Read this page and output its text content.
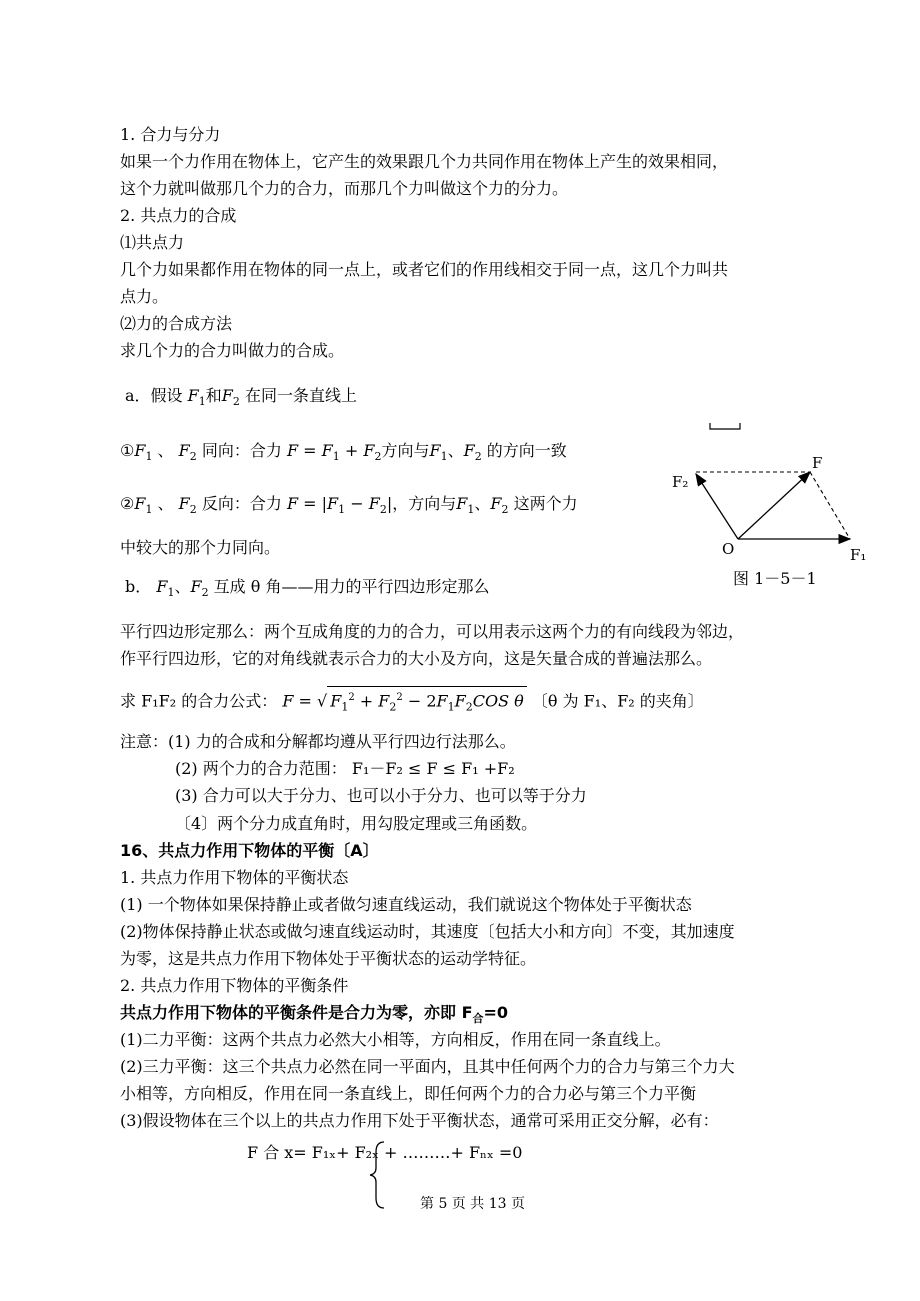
1. 合力与分力
如果一个力作用在物体上，它产生的效果跟几个力共同作用在物体上产生的效果相同，
这个力就叫做那几个力的合力，而那几个力叫做这个力的分力。
2. 共点力的合成
⑴共点力
几个力如果都作用在物体的同一点上，或者它们的作用线相交于同一点，这几个力叫共
点力。
⑵力的合成方法
求几个力的合力叫做力的合成。
a．假设 $F_1$和$F_2$ 在同一条直线上
$①F_1$ 、 $F_2$ 同向：合力 $F = F_1 + F_2$方向与$F_1$、$F_2$ 的方向一致
$②F_1$ 、 $F_2$ 反向：合力 $F = |F_1 - F_2|$，方向与$F_1$、$F_2$ 这两个力
中较大的那个力同向。
b． $F_1$、$F_2$ 互成 θ 角——用力的平行四边形定那么
平行四边形定那么：两个互成角度的力的合力，可以用表示这两个力的有向线段为邻边，
作平行四边形，它的对角线就表示合力的大小及方向，这是矢量合成的普遍法那么。
求 F₁F₂ 的合力公式： F = √ $F_1^2 + F_2^2 - 2F_1F_2COS$ θ 〔θ 为 F₁、F₂ 的夹角〕
注意：(1) 力的合成和分解都均遵从平行四边行法那么。
(2) 两个力的合力范围： F₁－F₂ ≤ F ≤ F₁ +F₂
(3) 合力可以大于分力、也可以小于分力、也可以等于分力
〔4〕两个分力成直角时，用勾股定理或三角函数。
16、共点力作用下物体的平衡〔A〕
1. 共点力作用下物体的平衡状态
(1) 一个物体如果保持静止或者做匀速直线运动，我们就说这个物体处于平衡状态
(2)物体保持静止状态或做匀速直线运动时，其速度〔包括大小和方向〕不变，其加速度
为零，这是共点力作用下物体处于平衡状态的运动学特征。
2. 共点力作用下物体的平衡条件
共点力作用下物体的平衡条件是合力为零，亦即 $F_合=0$
(1)二力平衡：这两个共点力必然大小相等，方向相反，作用在同一条直线上。
(2)三力平衡：这三个共点力必然在同一平面内，且其中任何两个力的合力与第三个力大
小相等，方向相反，作用在同一条直线上，即任何两个力的合力必与第三个力平衡
(3)假设物体在三个以上的共点力作用下处于平衡状态，通常可采用正交分解，必有：
F 合 x= F₁ₓ+ F₂ₓ + ………+ Fₙₓ =0
F
F₂
F₁
O
图 1－5－1
第 5 页 共 13 页
